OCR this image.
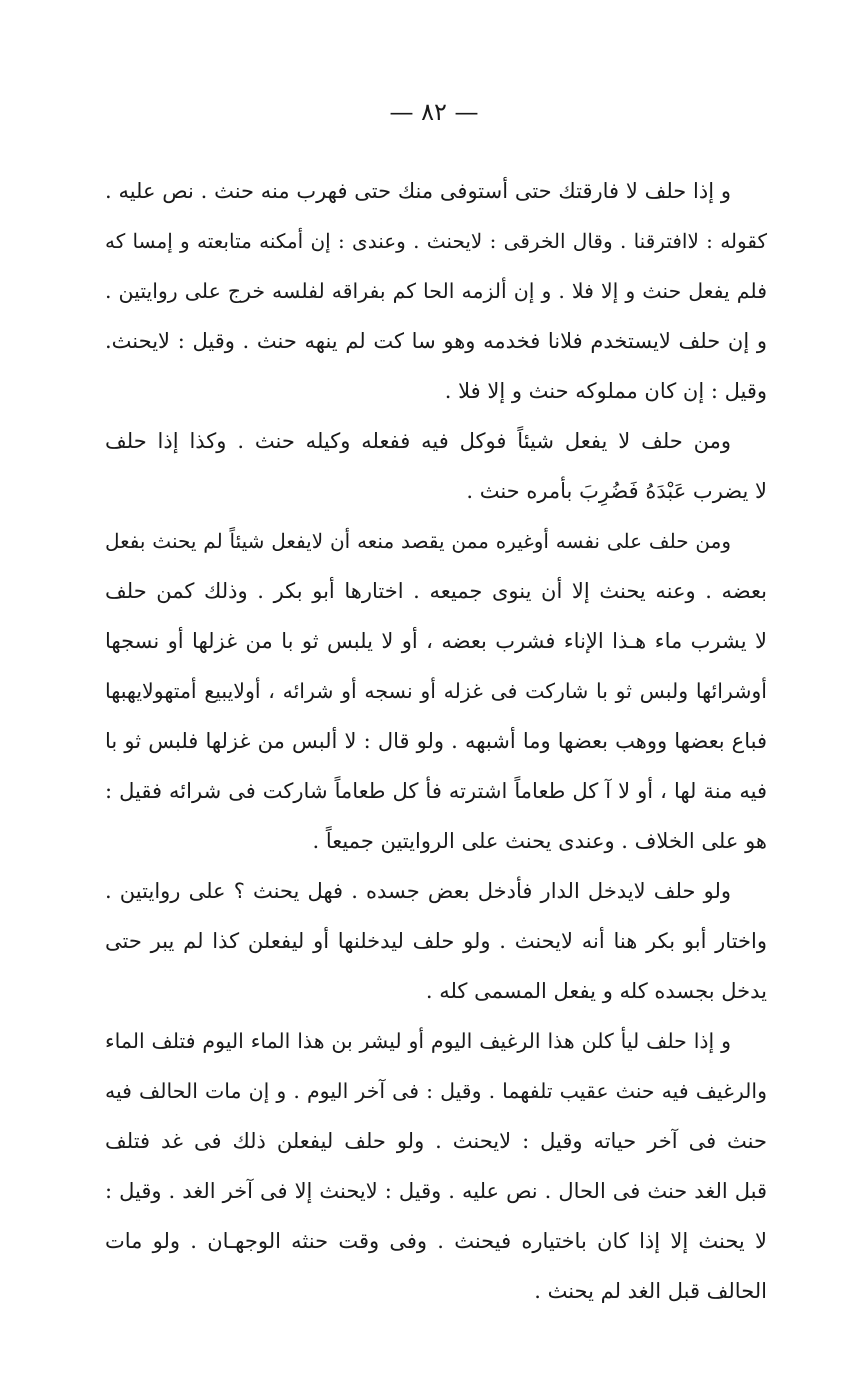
— ٨٢ —
و إذا حلف لا فارقتك حتى أستوفى منك حتى فهرب منه حنث . نص عليه .
كقوله : لاافترقنا . وقال الخرقى : لايحنث . وعندى : إن أمكنه متابعته و إمسا كه
فلم يفعل حنث و إلا فلا . و إن ألزمه الحا كم بفراقه لفلسه خرج على روايتين .
و إن حلف لايستخدم فلانا فخدمه وهو سا كت لم ينهه حنث . وقيل : لايحنث.
وقيل : إن كان مملوكه حنث و إلا فلا .
ومن حلف لا يفعل شيئاً فوكل فيه ففعله وكيله حنث . وكذا إذا حلف
لا يضرب عَبْدَهُ فَضُرِبَ بأمره حنث .
ومن حلف على نفسه أوغيره ممن يقصد منعه أن لايفعل شيئاً لم يحنث بفعل
بعضه . وعنه يحنث إلا أن ينوى جميعه . اختارها أبو بكر . وذلك كمن حلف
لا يشرب ماء هـذا الإناء فشرب بعضه ، أو لا يلبس ثو با من غزلها أو نسجها
أوشرائها ولبس ثو با شاركت فى غزله أو نسجه أو شرائه ، أولايبيع أمتهولايهبها
فباع بعضها ووهب بعضها وما أشبهه . ولو قال : لا ألبس من غزلها فلبس ثو با
فيه منة لها ، أو لا آ كل طعاماً اشترته فأ كل طعاماً شاركت فى شرائه فقيل :
هو على الخلاف . وعندى يحنث على الروايتين جميعاً .
ولو حلف لايدخل الدار فأدخل بعض جسده . فهل يحنث ؟ على روايتين .
واختار أبو بكر هنا أنه لايحنث . ولو حلف ليدخلنها أو ليفعلن كذا لم يبر حتى
يدخل بجسده كله و يفعل المسمى كله .
و إذا حلف ليأ كلن هذا الرغيف اليوم أو ليشر بن هذا الماء اليوم فتلف الماء
والرغيف فيه حنث عقيب تلفهما . وقيل : فى آخر اليوم . و إن مات الحالف فيه
حنث فى آخر حياته وقيل : لايحنث . ولو حلف ليفعلن ذلك فى غد فتلف
قبل الغد حنث فى الحال . نص عليه . وقيل : لايحنث إلا فى آخر الغد . وقيل :
لا يحنث إلا إذا كان باختياره فيحنث . وفى وقت حنثه الوجهـان . ولو مات
الحالف قبل الغد لم يحنث .
